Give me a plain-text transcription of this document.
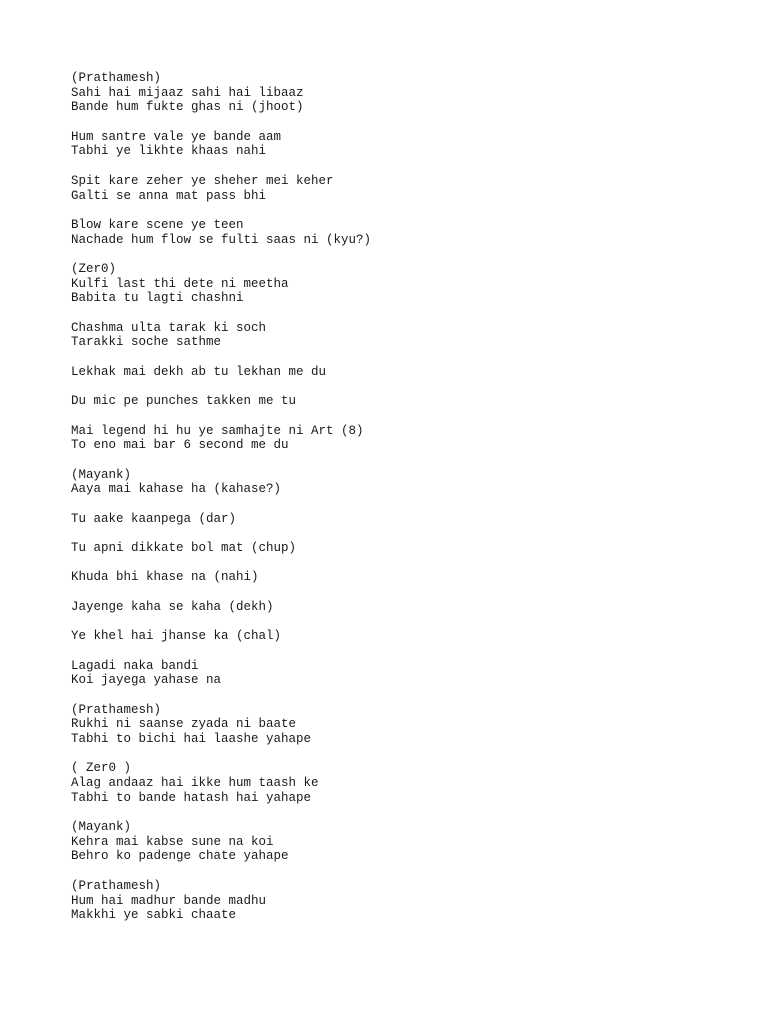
(Prathamesh)
Sahi hai mijaaz sahi hai libaaz
Bande hum fukte ghas ni (jhoot)
Hum santre vale ye bande aam
Tabhi ye likhte khaas nahi
Spit kare zeher ye sheher mei keher
Galti se anna mat pass bhi
Blow kare scene ye teen
Nachade hum flow se fulti saas ni (kyu?)
(Zer0)
Kulfi last thi dete ni meetha
Babita tu lagti chashni
Chashma ulta tarak ki soch
Tarakki soche sathme
Lekhak mai dekh ab tu lekhan me du
Du mic pe punches takken me tu
Mai legend hi hu ye samhajte ni Art (8)
To eno mai bar 6 second me du
(Mayank)
Aaya mai kahase ha (kahase?)
Tu aake kaanpega (dar)
Tu apni dikkate bol mat (chup)
Khuda bhi khase na (nahi)
Jayenge kaha se kaha (dekh)
Ye khel hai jhanse ka (chal)
Lagadi naka bandi
Koi jayega yahase na
(Prathamesh)
Rukhi ni saanse zyada ni baate
Tabhi to bichi hai laashe yahape
( Zer0 )
Alag andaaz hai ikke hum taash ke
Tabhi to bande hatash hai yahape
(Mayank)
Kehra mai kabse sune na koi
Behro ko padenge chate yahape
(Prathamesh)
Hum hai madhur bande madhu
Makkhi ye sabki chaate
